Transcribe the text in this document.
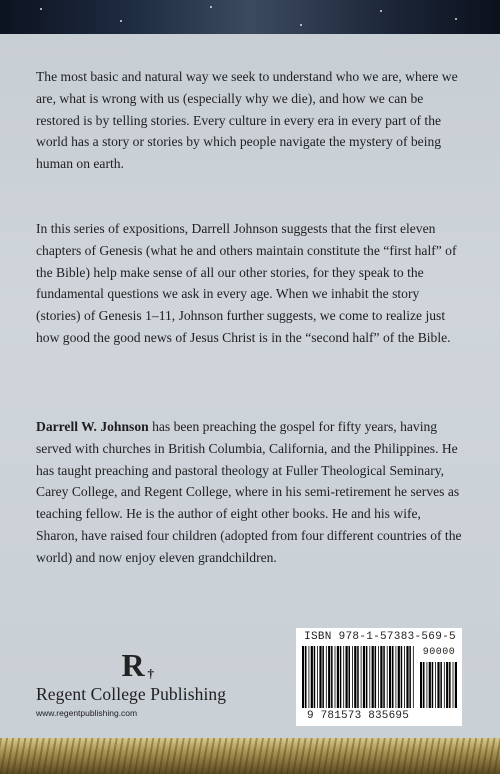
The most basic and natural way we seek to understand who we are, where we are, what is wrong with us (especially why we die), and how we can be restored is by telling stories. Every culture in every era in every part of the world has a story or stories by which people navigate the mystery of being human on earth.

In this series of expositions, Darrell Johnson suggests that the first eleven chapters of Genesis (what he and others maintain constitute the “first half” of the Bible) help make sense of all our other stories, for they speak to the fundamental questions we ask in every age. When we inhabit the story (stories) of Genesis 1–11, Johnson further suggests, we come to realize just how good the good news of Jesus Christ is in the “second half” of the Bible.

Darrell W. Johnson has been preaching the gospel for fifty years, having served with churches in British Columbia, California, and the Philippines. He has taught preaching and pastoral theology at Fuller Theological Seminary, Carey College, and Regent College, where in his semi-retirement he serves as teaching fellow. He is the author of eight other books. He and his wife, Sharon, have raised four children (adopted from four different countries of the world) and now enjoy eleven grandchildren.

R †
Regent College Publishing
www.regentpublishing.com
ISBN 978-1-57383-569-5
90000
9 781573 835695
